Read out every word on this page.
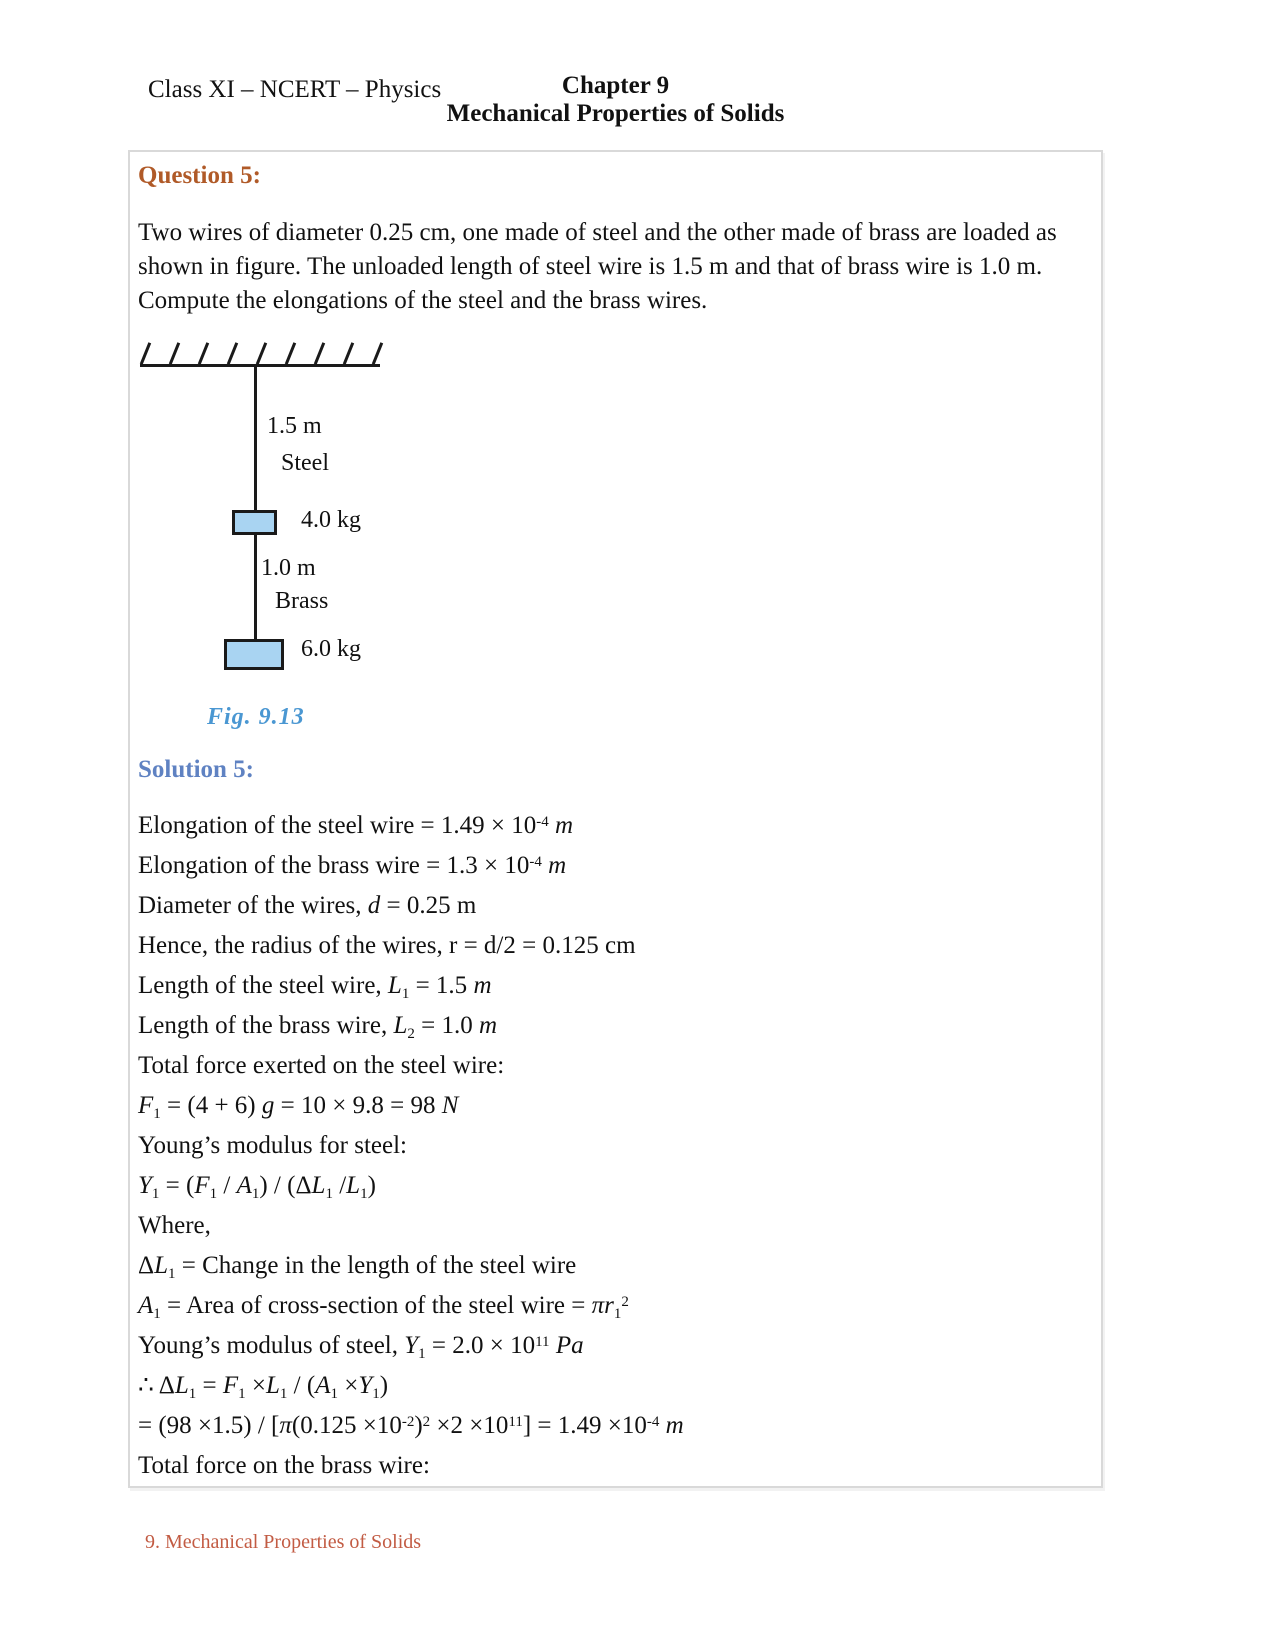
Class XI – NCERT – Physics	Chapter 9
Mechanical Properties of Solids
Question 5:
Two wires of diameter 0.25 cm, one made of steel and the other made of brass are loaded as
shown in figure. The unloaded length of steel wire is 1.5 m and that of brass wire is 1.0 m.
Compute the elongations of the steel and the brass wires.
1.5 m
Steel
4.0 kg
1.0 m
Brass
6.0 kg
Fig. 9.13
Solution 5:
Elongation of the steel wire = $1.49 \times 10^{-4}$ m
Elongation of the brass wire = $1.3 \times 10^{-4}$ m
Diameter of the wires, d = 0.25 m
Hence, the radius of the wires, r = d/2 = 0.125 cm
Length of the steel wire, $L_1 = 1.5$ m
Length of the brass wire, $L_2 = 1.0$ m
Total force exerted on the steel wire:
$F_1 = (4 + 6) g = 10 \times 9.8 = 98$ N
Young’s modulus for steel:
$Y_1 = (F_1 / A_1) / (\Delta L_1$ $/L_1$)
Where,
$\Delta L_1$ = Change in the length of the steel wire
$A_1$ = Area of cross-section of the steel wire = $\pi r_1^2$
Young’s modulus of steel, $Y_1 = 2.0 \times 10^{11}$ Pa
∴ $\Delta L_1 = F_1 \times L_1 / (A_1 \times Y_1)$
= $(98 \times 1.5) / [\pi(0.125 \times 10^{-2})^2 \times 2 \times 10^{11}] = 1.49 \times 10^{-4}$ m
Total force on the brass wire:
9. Mechanical Properties of Solids
